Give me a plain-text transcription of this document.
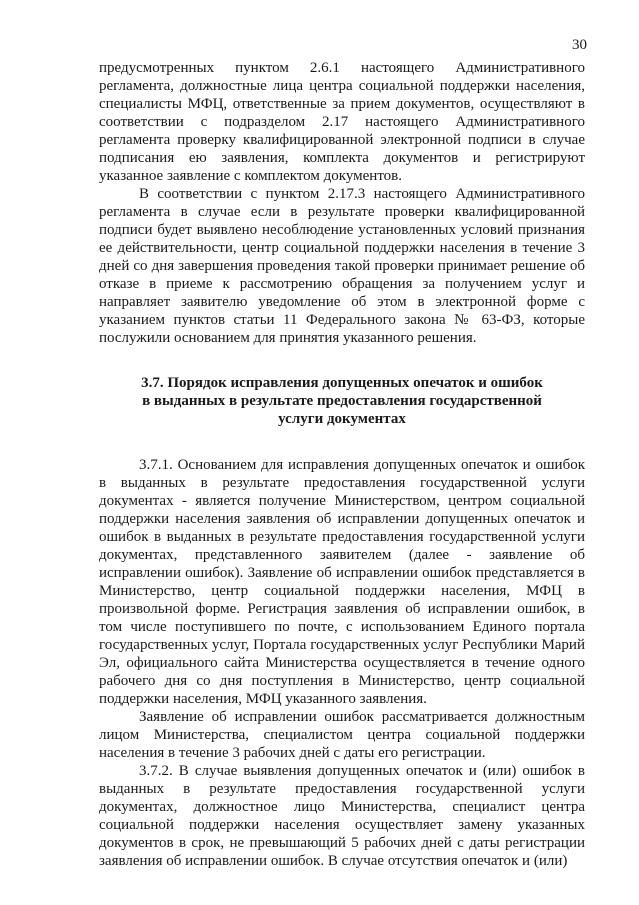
30

предусмотренных пунктом 2.6.1 настоящего Административного регламента, должностные лица центра социальной поддержки населения, специалисты МФЦ, ответственные за прием документов, осуществляют в соответствии с подразделом 2.17 настоящего Административного регламента проверку квалифицированной электронной подписи в случае подписания ею заявления, комплекта документов и регистрируют указанное заявление с комплектом документов.

В соответствии с пунктом 2.17.3 настоящего Административного регламента в случае если в результате проверки квалифицированной подписи будет выявлено несоблюдение установленных условий признания ее действительности, центр социальной поддержки населения в течение 3 дней со дня завершения проведения такой проверки принимает решение об отказе в приеме к рассмотрению обращения за получением услуг и направляет заявителю уведомление об этом в электронной форме с указанием пунктов статьи 11 Федерального закона № 63-ФЗ, которые послужили основанием для принятия указанного решения.

3.7. Порядок исправления допущенных опечаток и ошибок
в выданных в результате предоставления государственной
услуги документах

3.7.1. Основанием для исправления допущенных опечаток и ошибок в выданных в результате предоставления государственной услуги документах - является получение Министерством, центром социальной поддержки населения заявления об исправлении допущенных опечаток и ошибок в выданных в результате предоставления государственной услуги документах, представленного заявителем (далее - заявление об исправлении ошибок). Заявление об исправлении ошибок представляется в Министерство, центр социальной поддержки населения, МФЦ в произвольной форме. Регистрация заявления об исправлении ошибок, в том числе поступившего по почте, с использованием Единого портала государственных услуг, Портала государственных услуг Республики Марий Эл, официального сайта Министерства осуществляется в течение одного рабочего дня со дня поступления в Министерство, центр социальной поддержки населения, МФЦ указанного заявления.

Заявление об исправлении ошибок рассматривается должностным лицом Министерства, специалистом центра социальной поддержки населения в течение 3 рабочих дней с даты его регистрации.

3.7.2. В случае выявления допущенных опечаток и (или) ошибок в выданных в результате предоставления государственной услуги документах, должностное лицо Министерства, специалист центра социальной поддержки населения осуществляет замену указанных документов в срок, не превышающий 5 рабочих дней с даты регистрации заявления об исправлении ошибок. В случае отсутствия опечаток и (или)
